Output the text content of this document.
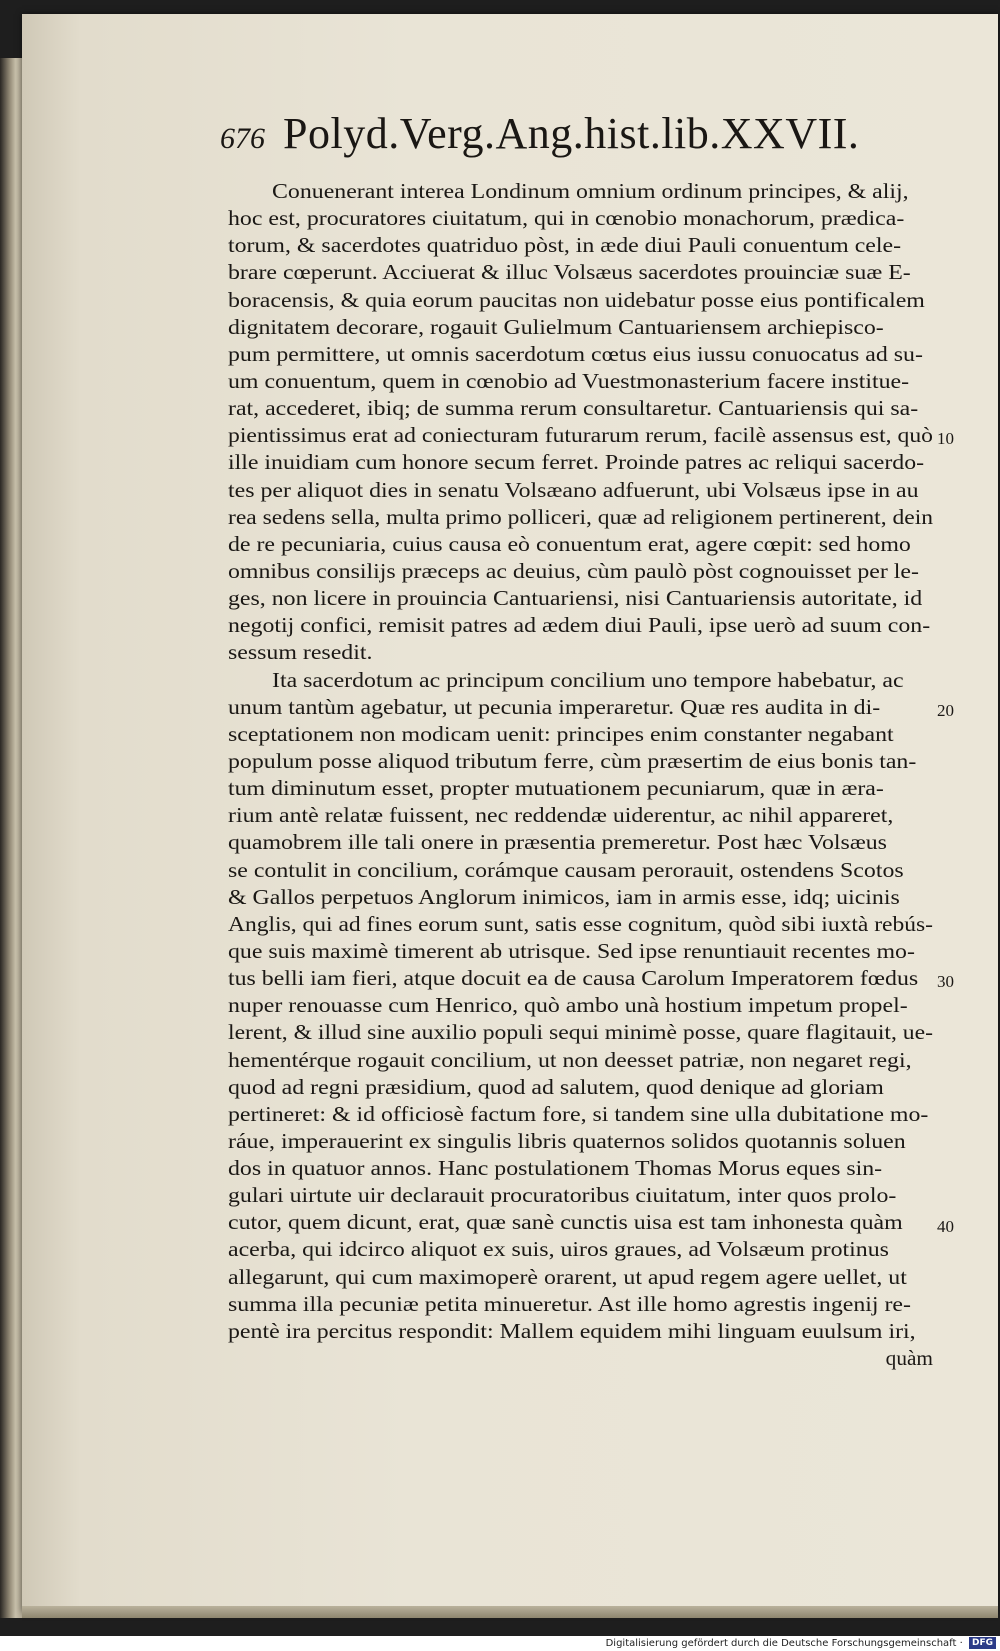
676 Polyd.Verg.Ang.hist.lib.XXVII.
Conuenerant interea Londinum omnium ordinum principes, & alij,
hoc est, procuratores ciuitatum, qui in cœnobio monachorum, prædica-
torum, & sacerdotes quatriduo pòst, in æde diui Pauli conuentum cele-
brare cœperunt. Acciuerat & illuc Volsæus sacerdotes prouinciæ suæ E-
boracensis, & quia eorum paucitas non uidebatur posse eius pontificalem
dignitatem decorare, rogauit Gulielmum Cantuariensem archiepisco-
pum permittere, ut omnis sacerdotum cœtus eius iussu conuocatus ad su-
um conuentum, quem in cœnobio ad Vuestmonasterium facere institue-
rat, accederet, ibiq; de summa rerum consultaretur. Cantuariensis qui sa-
pientissimus erat ad coniecturam futurarum rerum, facilè assensus est, quò
ille inuidiam cum honore secum ferret. Proinde patres ac reliqui sacerdo-
tes per aliquot dies in senatu Volsæano adfuerunt, ubi Volsæus ipse in au
rea sedens sella, multa primo polliceri, quæ ad religionem pertinerent, dein
de re pecuniaria, cuius causa eò conuentum erat, agere cœpit: sed homo
omnibus consilijs præceps ac deuius, cùm paulò pòst cognouisset per le-
ges, non licere in prouincia Cantuariensi, nisi Cantuariensis autoritate, id
negotij confici, remisit patres ad ædem diui Pauli, ipse uerò ad suum con-
sessum resedit.
Ita sacerdotum ac principum concilium uno tempore habebatur, ac
unum tantùm agebatur, ut pecunia imperaretur. Quæ res audita in di-
sceptationem non modicam uenit: principes enim constanter negabant
populum posse aliquod tributum ferre, cùm præsertim de eius bonis tan-
tum diminutum esset, propter mutuationem pecuniarum, quæ in æra-
rium antè relatæ fuissent, nec reddendæ uiderentur, ac nihil appareret,
quamobrem ille tali onere in præsentia premeretur. Post hæc Volsæus
se contulit in concilium, corámque causam perorauit, ostendens Scotos
& Gallos perpetuos Anglorum inimicos, iam in armis esse, idq; uicinis
Anglis, qui ad fines eorum sunt, satis esse cognitum, quòd sibi iuxtà rebús-
que suis maximè timerent ab utrisque. Sed ipse renuntiauit recentes mo-
tus belli iam fieri, atque docuit ea de causa Carolum Imperatorem fœdus
nuper renouasse cum Henrico, quò ambo unà hostium impetum propel-
lerent, & illud sine auxilio populi sequi minimè posse, quare flagitauit, ue-
hementérque rogauit concilium, ut non deesset patriæ, non negaret regi,
quod ad regni præsidium, quod ad salutem, quod denique ad gloriam
pertineret: & id officiosè factum fore, si tandem sine ulla dubitatione mo-
ráue, imperauerint ex singulis libris quaternos solidos quotannis soluen
dos in quatuor annos. Hanc postulationem Thomas Morus eques sin-
gulari uirtute uir declarauit procuratoribus ciuitatum, inter quos prolo-
cutor, quem dicunt, erat, quæ sanè cunctis uisa est tam inhonesta quàm
acerba, qui idcirco aliquot ex suis, uiros graues, ad Volsæum protinus
allegarunt, qui cum maximoperè orarent, ut apud regem agere uellet, ut
summa illa pecuniæ petita minueretur. Ast ille homo agrestis ingenij re-
pentè ira percitus respondit: Mallem equidem mihi linguam euulsum iri,
quàm
10
20
30
40
Digitalisierung gefördert durch die Deutsche Forschungsgemeinschaft · DFG
